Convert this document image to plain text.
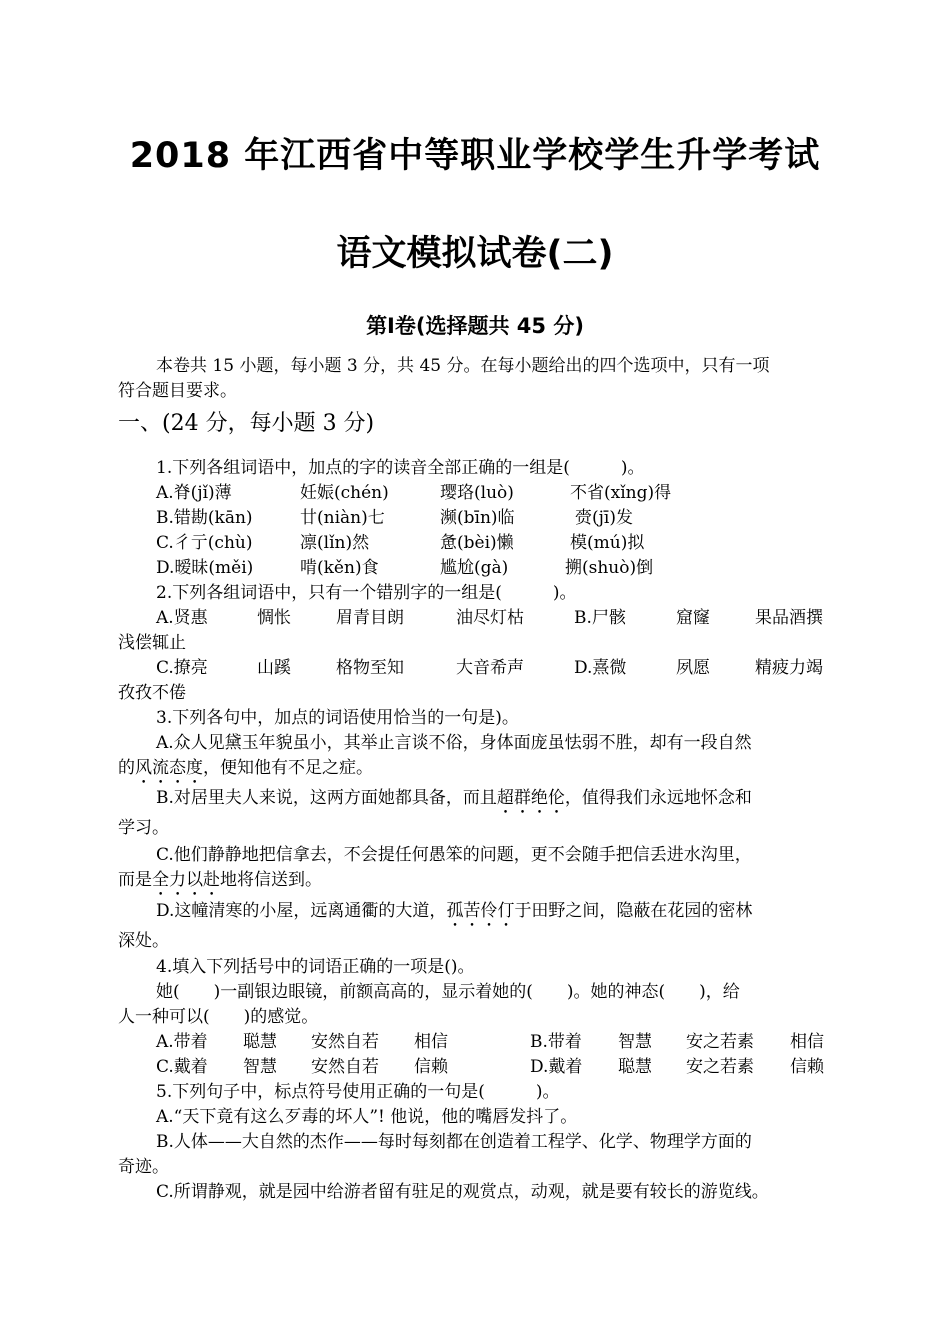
2018 年江西省中等职业学校学生升学考试
语文模拟试卷(二)
第Ⅰ卷(选择题共 45 分)
本卷共 15 小题，每小题 3 分，共 45 分。在每小题给出的四个选项中，只有一项
符合题目要求。
一、(24 分，每小题 3 分)
1.下列各组词语中，加点的字的读音全部正确的一组是(　　　)。
A.脊(jǐ)薄	妊娠(chén)	璎珞(luò)	不省(xǐng)得
B.错勘(kān)	廿(niàn)七	濒(bīn)临	赍(jī)发
C.彳亍(chù)	凛(lǐn)然	惫(bèi)懒	模(mú)拟
D.暧昧(měi)	啃(kěn)食	尴尬(gà)	搠(shuò)倒
2.下列各组词语中，只有一个错别字的一组是(　　　)。
A.贤惠	惆怅	眉青目朗	油尽灯枯	B.尸骸	窟窿	果品酒撰
浅偿辄止
C.撩亮	山蹊	格物至知	大音希声	D.熹微	夙愿	精疲力竭
孜孜不倦
3.下列各句中，加点的词语使用恰当的一句是)。
A.众人见黛玉年貌虽小，其举止言谈不俗，身体面庞虽怯弱不胜，却有一段自然
的风流态度，便知他有不足之症。
B.对居里夫人来说，这两方面她都具备，而且超群绝伦，值得我们永远地怀念和
学习。
C.他们静静地把信拿去，不会提任何愚笨的问题，更不会随手把信丢进水沟里，
而是全力以赴地将信送到。
D.这幢清寒的小屋，远离通衢的大道，孤苦伶仃于田野之间，隐蔽在花园的密林
深处。
4.填入下列括号中的词语正确的一项是()。
她(　　)一副银边眼镜，前额高高的，显示着她的(　　)。她的神态(　　)，给
人一种可以(　　)的感觉。
A.带着 聪慧 安然自若 相信	B.带着 智慧 安之若素 相信
C.戴着 智慧 安然自若 信赖	D.戴着 聪慧 安之若素 信赖
5.下列句子中，标点符号使用正确的一句是(　　　)。
A.“天下竟有这么歹毒的坏人”! 他说，他的嘴唇发抖了。
B.人体——大自然的杰作——每时每刻都在创造着工程学、化学、物理学方面的
奇迹。
C.所谓静观，就是园中给游者留有驻足的观赏点，动观，就是要有较长的游览线。
